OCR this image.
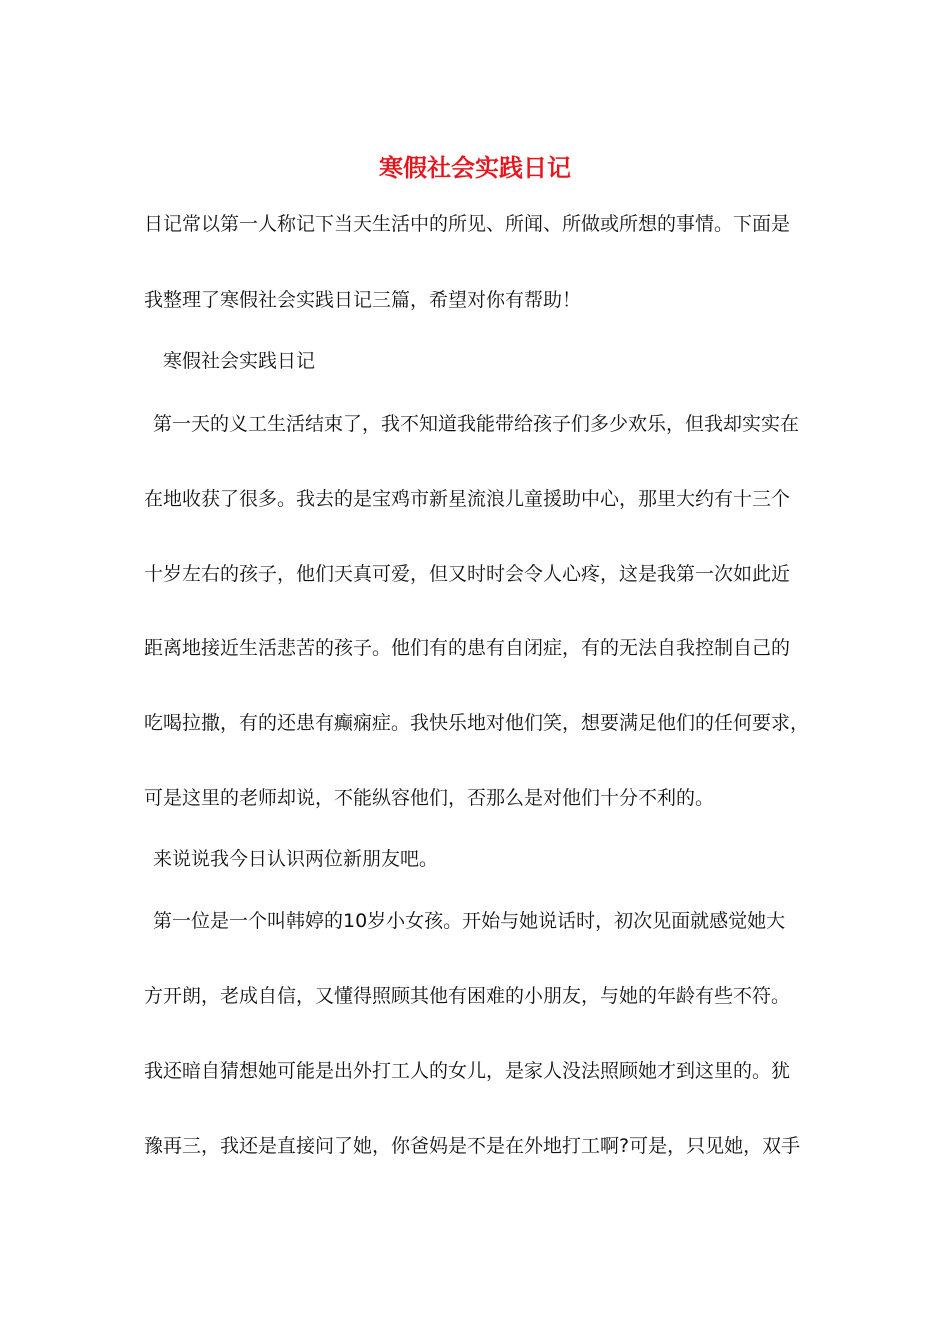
寒假社会实践日记
日记常以第一人称记下当天生活中的所见、所闻、所做或所想的事情。下面是
我整理了寒假社会实践日记三篇，希望对你有帮助！
寒假社会实践日记
第一天的义工生活结束了，我不知道我能带给孩子们多少欢乐，但我却实实在
在地收获了很多。我去的是宝鸡市新星流浪儿童援助中心，那里大约有十三个
十岁左右的孩子，他们天真可爱，但又时时会令人心疼，这是我第一次如此近
距离地接近生活悲苦的孩子。他们有的患有自闭症，有的无法自我控制自己的
吃喝拉撒，有的还患有癫痫症。我快乐地对他们笑，想要满足他们的任何要求，
可是这里的老师却说，不能纵容他们，否那么是对他们十分不利的。
来说说我今日认识两位新朋友吧。
第一位是一个叫韩婷的10岁小女孩。开始与她说话时，初次见面就感觉她大
方开朗，老成自信，又懂得照顾其他有困难的小朋友，与她的年龄有些不符。
我还暗自猜想她可能是出外打工人的女儿，是家人没法照顾她才到这里的。犹
豫再三，我还是直接问了她，你爸妈是不是在外地打工啊?可是，只见她，双手
